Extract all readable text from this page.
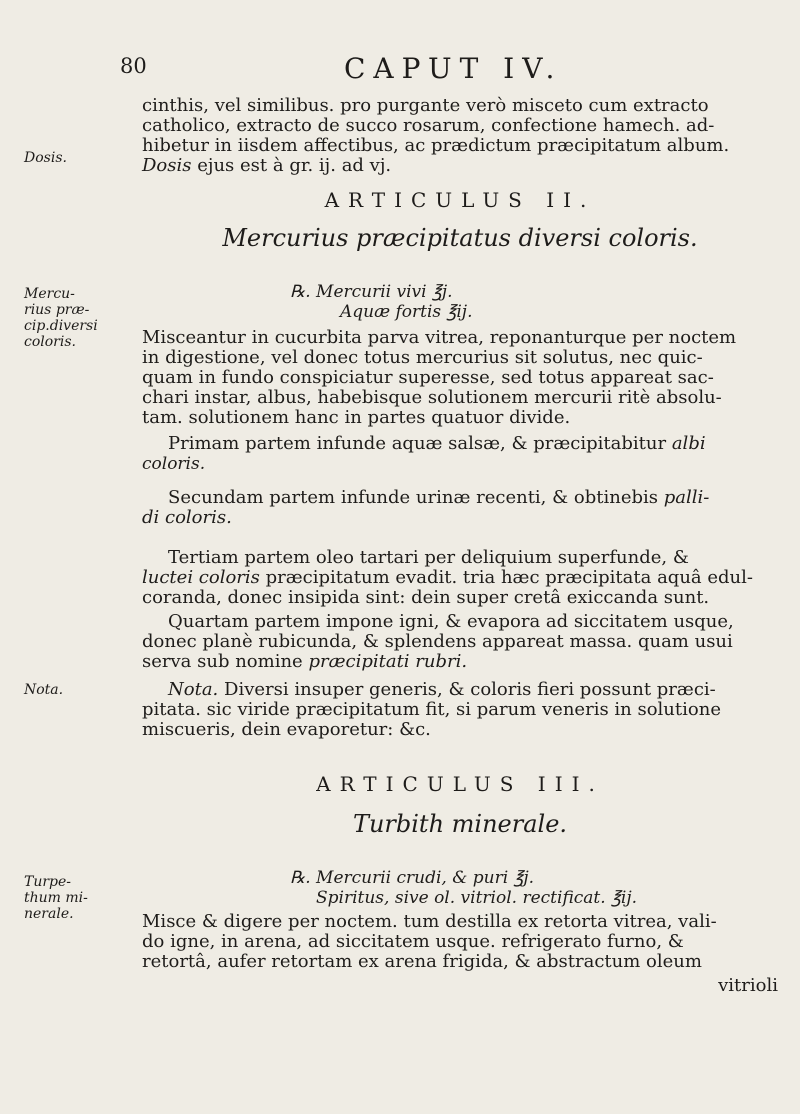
80	CAPUT IV.
cinthis, vel similibus. pro purgante verò misceto cum extracto
catholico, extracto de succo rosarum, confectione hamech. ad-
hibetur in iisdem affectibus, ac prædictum præcipitatum album.
Dosis ejus est à gr. ij. ad vj.

Dosis.

ARTICULUS II.

Mercurius præcipitatus diversi coloris.

Mercu-
rius præ-
cip.diversi
coloris.
℞. Mercurii vivi ℥j.
Aquæ fortis ℥ij.
Misceantur in cucurbita parva vitrea, reponanturque per noctem
in digestione, vel donec totus mercurius sit solutus, nec quic-
quam in fundo conspiciatur superesse, sed totus appareat sac-
chari instar, albus, habebisque solutionem mercurii ritè absolu-
tam. solutionem hanc in partes quatuor divide.
Primam partem infunde aquæ salsæ, & præcipitabitur albi

coloris.

Secundam partem infunde urinæ recenti, & obtinebis palli-
di coloris.
Tertiam partem oleo tartari per deliquium superfunde, &
luctei coloris præcipitatum evadit. tria hæc præcipitata aquâ edul-
coranda, donec insipida sint: dein super cretâ exiccanda sunt.
Quartam partem impone igni, & evapora ad siccitatem usque,
donec planè rubicunda, & splendens appareat massa. quam usui
serva sub nomine præcipitati rubri.

Nota.	Nota. Diversi insuper generis, & coloris fieri possunt præci-
pitata. sic viride præcipitatum fit, si parum veneris in solutione
miscueris, dein evaporetur: &c.

ARTICULUS III.

Turbith minerale.

Turpe-
thum mi-
nerale.
℞. Mercurii crudi, & puri ℥j.
Spiritus, sive ol. vitriol. rectificat. ℥ij.
Misce & digere per noctem. tum destilla ex retorta vitrea, vali-
do igne, in arena, ad siccitatem usque. refrigerato furno, &
retortâ, aufer retortam ex arena frigida, & abstractum oleum
vitrioli
